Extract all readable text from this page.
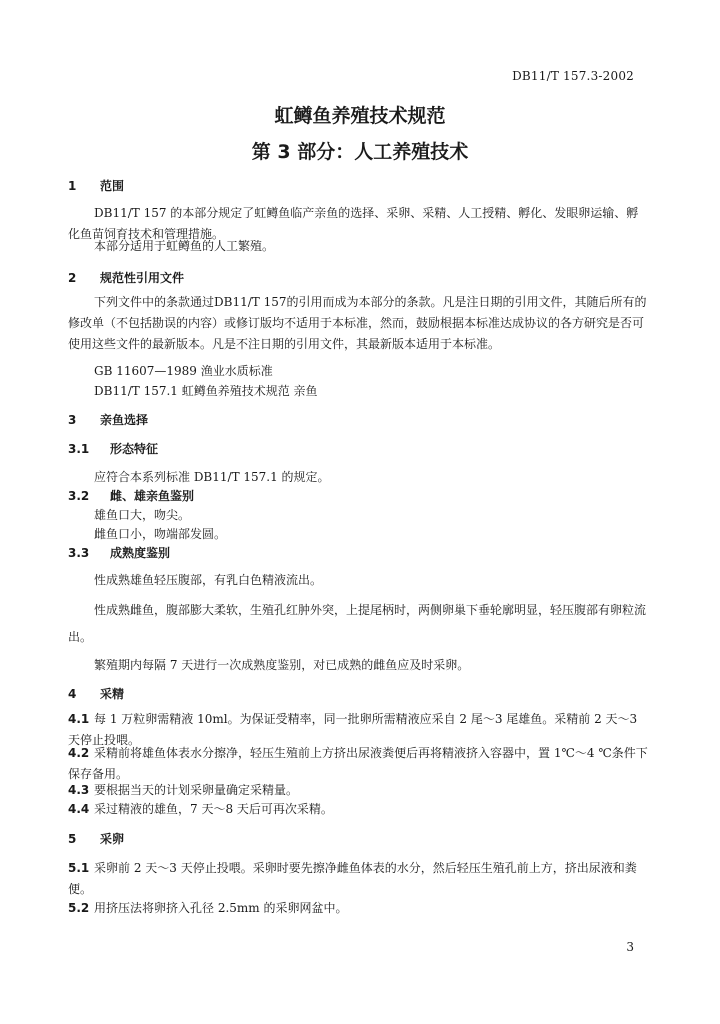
DB11/T 157.3-2002
虹鳟鱼养殖技术规范
第 3 部分：人工养殖技术
1 范围
DB11/T 157 的本部分规定了虹鳟鱼临产亲鱼的选择、采卵、采精、人工授精、孵化、发眼卵运输、孵化鱼苗饲育技术和管理措施。
本部分适用于虹鳟鱼的人工繁殖。
2 规范性引用文件
下列文件中的条款通过DB11/T 157的引用而成为本部分的条款。凡是注日期的引用文件，其随后所有的修改单（不包括勘误的内容）或修订版均不适用于本标准，然而，鼓励根据本标准达成协议的各方研究是否可使用这些文件的最新版本。凡是不注日期的引用文件，其最新版本适用于本标准。
GB 11607—1989 渔业水质标准
DB11/T 157.1 虹鳟鱼养殖技术规范 亲鱼
3 亲鱼选择
3.1 形态特征
应符合本系列标准 DB11/T 157.1 的规定。
3.2 雌、雄亲鱼鉴别
雄鱼口大，吻尖。
雌鱼口小，吻端部发圆。
3.3 成熟度鉴别
性成熟雄鱼轻压腹部，有乳白色精液流出。
性成熟雌鱼，腹部膨大柔软，生殖孔红肿外突，上提尾柄时，两侧卵巢下垂轮廓明显，轻压腹部有卵粒流出。
繁殖期内每隔 7 天进行一次成熟度鉴别，对已成熟的雌鱼应及时采卵。
4 采精
4.1 每 1 万粒卵需精液 10ml。为保证受精率，同一批卵所需精液应采自 2 尾～3 尾雄鱼。采精前 2 天～3 天停止投喂。
4.2 采精前将雄鱼体表水分擦净，轻压生殖前上方挤出尿液粪便后再将精液挤入容器中，置 1℃～4 ℃条件下保存备用。
4.3 要根据当天的计划采卵量确定采精量。
4.4 采过精液的雄鱼，7 天～8 天后可再次采精。
5 采卵
5.1 采卵前 2 天～3 天停止投喂。采卵时要先擦净雌鱼体表的水分，然后轻压生殖孔前上方，挤出尿液和粪便。
5.2 用挤压法将卵挤入孔径 2.5mm 的采卵网盆中。
3
